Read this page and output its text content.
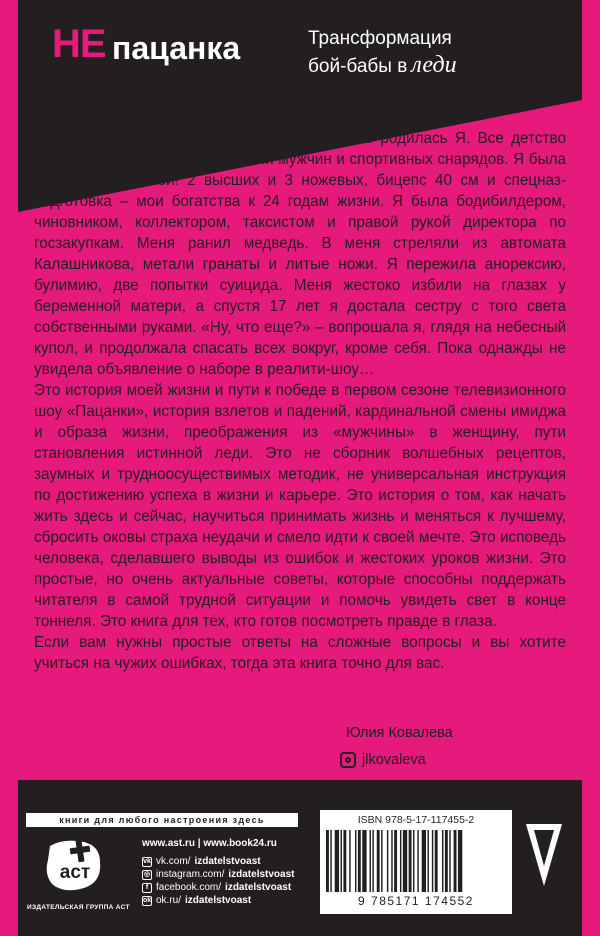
НЕ пацанка	Трансформация
бой-бабы в леди

Мой отец-военный всегда хотел мальчика, но родилась Я. Все детство прошло в переездах и окружении мужчин и спортивных снарядов. Я была истинной пацанкой! 2 высших и 3 ножевых, бицепс 40 см и спецназ-подготовка – мои богатства к 24 годам жизни. Я была бодибилдером, чиновником, коллектором, таксистом и правой рукой директора по госзакупкам. Меня ранил медведь. В меня стреляли из автомата Калашникова, метали гранаты и литые ножи. Я пережила анорексию, булимию, две попытки суицида. Меня жестоко избили на глазах у беременной матери, а спустя 17 лет я достала сестру с того света собственными руками. «Ну, что еще?» – вопрошала я, глядя на небесный купол, и продолжала спасать всех вокруг, кроме себя. Пока однажды не увидела объявление о наборе в реалити-шоу…

Это история моей жизни и пути к победе в первом сезоне телевизионного шоу «Пацанки», история взлетов и падений, кардинальной смены имиджа и образа жизни, преображения из «мужчины» в женщину, пути становления истинной леди. Это не сборник волшебных рецептов, заумных и трудноосуществимых методик, не универсальная инструкция по достижению успеха в жизни и карьере. Это история о том, как начать жить здесь и сейчас, научиться принимать жизнь и меняться к лучшему, сбросить оковы страха неудачи и смело идти к своей мечте. Это исповедь человека, сделавшего выводы из ошибок и жестоких уроков жизни. Это простые, но очень актуальные советы, которые способны поддержать читателя в самой трудной ситуации и помочь увидеть свет в конце тоннеля. Это книга для тех, кто готов посмотреть правде в глаза.

Если вам нужны простые ответы на сложные вопросы и вы хотите учиться на чужих ошибках, тогда эта книга точно для вас.

Юлия Ковалева
jlkovaleva
книги для любого настроения здесь
аст
ИЗДАТЕЛЬСКАЯ ГРУППА АСТ
www.ast.ru | www.book24.ru
vk vk.com/ izdatelstvoast
◎ instagram.com/ izdatelstvoast
f facebook.com/ izdatelstvoast
ok ok.ru/ izdatelstvoast
ISBN 978-5-17-117455-2
9 785171 174552
